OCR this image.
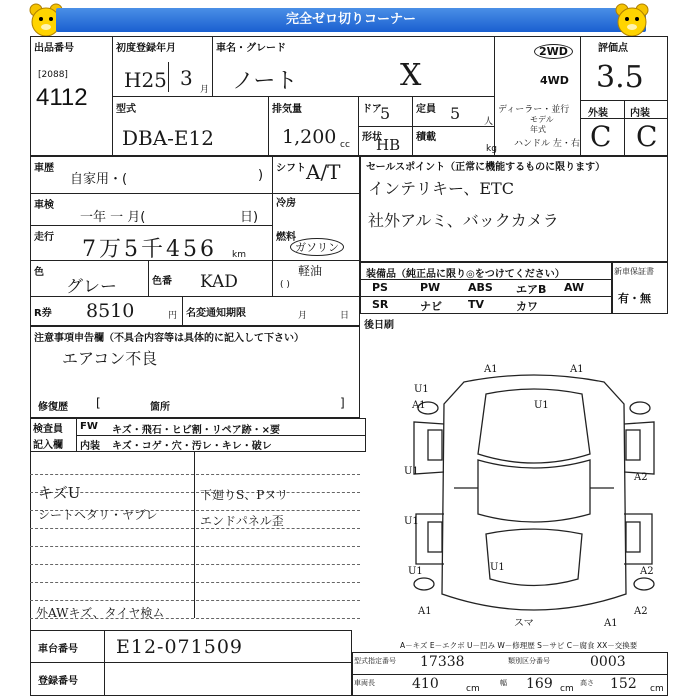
完全ゼロ切りコーナー
出品番号
[2088]
4112
初度登録年月
H25 3 月
車名・グレード
ノート	X
2WD
4WD
評価点
3.5
外装 内装
C C
型式
DBA-E12
排気量
1,200 cc
ドア
5	定員 5	人
形状
HB 積載
kg
ディーラー・並行
モデル
年式
ハンドル 左・右
車歴
自家用・(	) シフト A/T
冷房
車検
一年 一 月(	日)
走行 7万5千456 km
燃料
ガソリン
軽油
( )
色
グレー	色番 KAD
R券 8510	円 名変通知期限	月	日
セールスポイント（正常に機能するものに限ります）
インテリキー、ETC
社外アルミ、バックカメラ
装備品（純正品に限り◎をつけてください）
PS	PW	ABS エアB AW
SR	ナビ TV	カワ
新車保証書
有・無
後日刷
注意事項申告欄（不具合内容等は具体的に記入して下さい）
エアコン不良
修復歴 [	箇所	]
検査員
記入欄
FW キズ・飛石・ヒビ割・リペア跡・×要
内装 キズ・コゲ・穴・汚レ・キレ・破レ
キズU
シートヘタリ・ヤブレ
外AWキズ、タイヤ検ム
下廻りS、Pヌリ
エンドパネル歪
A1	A1
U1
A1	U1
U1
A2
U1
U1	A2
A1	A2
U1
スマ	A1
車台番号 E12-071509
登録番号
A－キズ E－エクボ U－凹み W－修理歴 S－サビ C－腐食 XX－交換要
型式指定番号 17338	類別区分番号	0003
車両長	410	cm
幅 169 cm
高さ 152 cm
